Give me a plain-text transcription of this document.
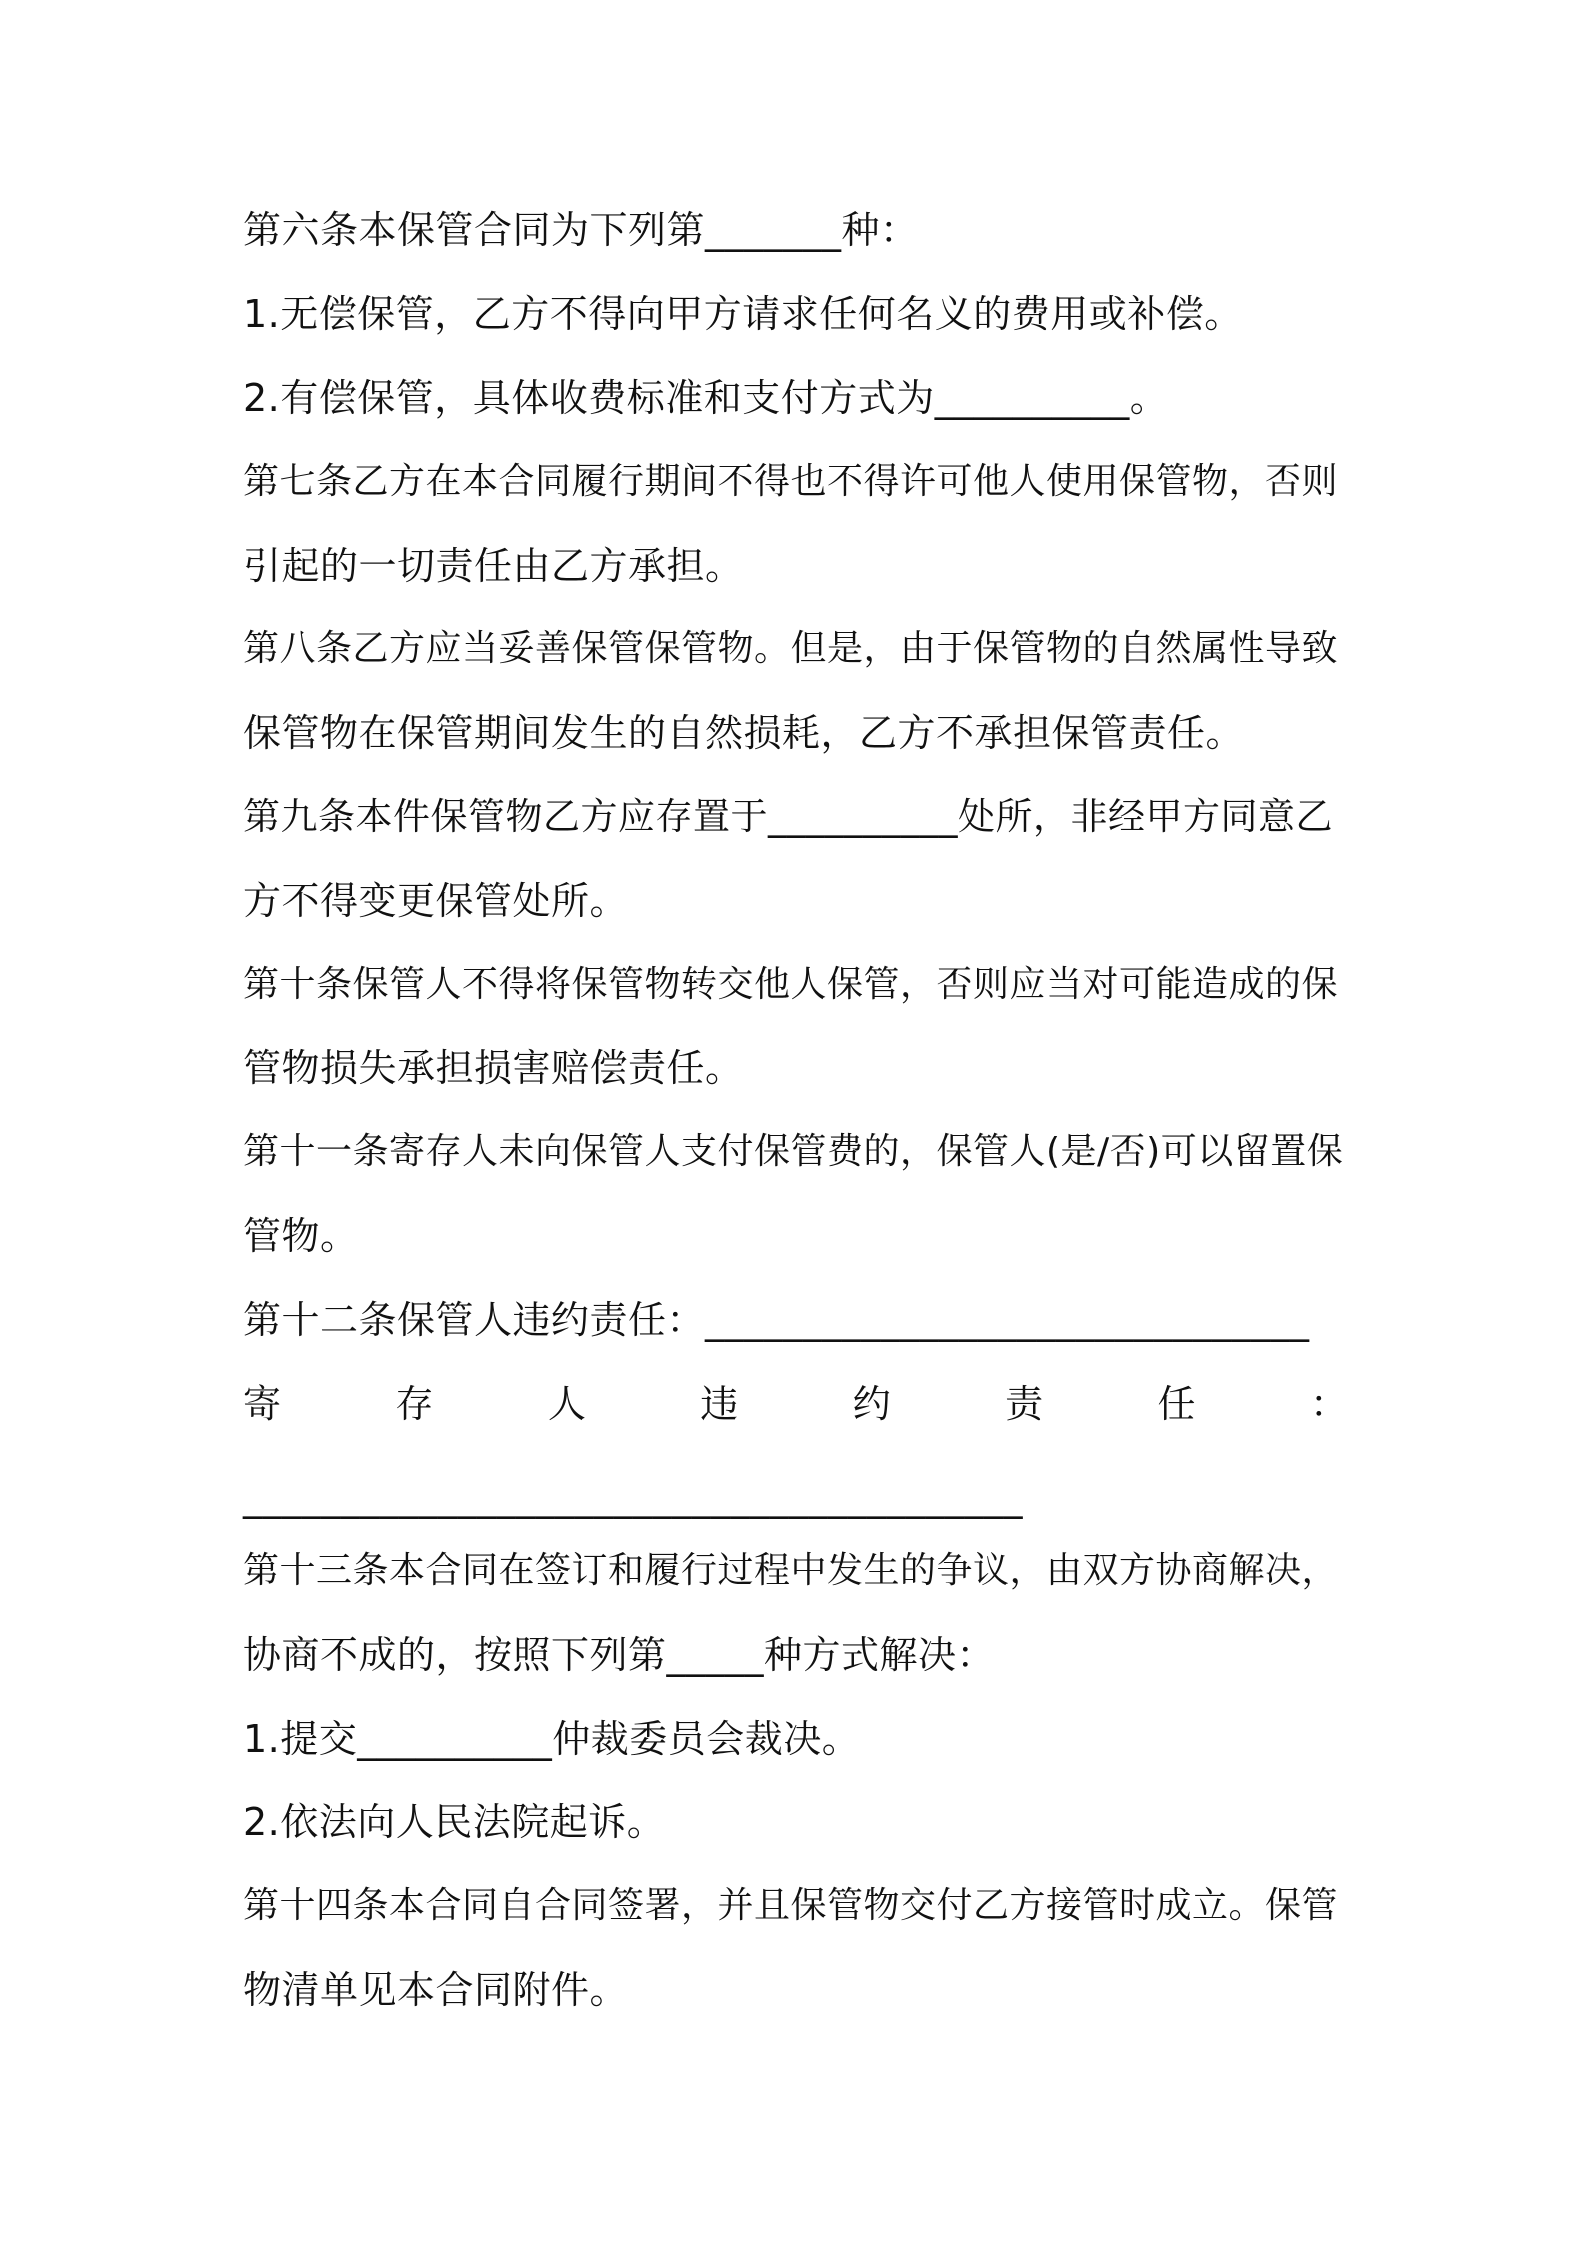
第六条本保管合同为下列第_______种：
1.无偿保管，乙方不得向甲方请求任何名义的费用或补偿。
2.有偿保管，具体收费标准和支付方式为__________。
第七条乙方在本合同履行期间不得也不得许可他人使用保管物，否则
引起的一切责任由乙方承担。
第八条乙方应当妥善保管保管物。但是，由于保管物的自然属性导致
保管物在保管期间发生的自然损耗，乙方不承担保管责任。
第九条本件保管物乙方应存置于__________处所，非经甲方同意乙
方不得变更保管处所。
第十条保管人不得将保管物转交他人保管，否则应当对可能造成的保
管物损失承担损害赔偿责任。
第十一条寄存人未向保管人支付保管费的，保管人(是/否)可以留置保
管物。
第十二条保管人违约责任：_______________________________
寄	存	人	违	约	责	任	：
________________________________________
第十三条本合同在签订和履行过程中发生的争议，由双方协商解决，
协商不成的，按照下列第_____种方式解决：
1.提交__________仲裁委员会裁决。
2.依法向人民法院起诉。
第十四条本合同自合同签署，并且保管物交付乙方接管时成立。保管
物清单见本合同附件。
